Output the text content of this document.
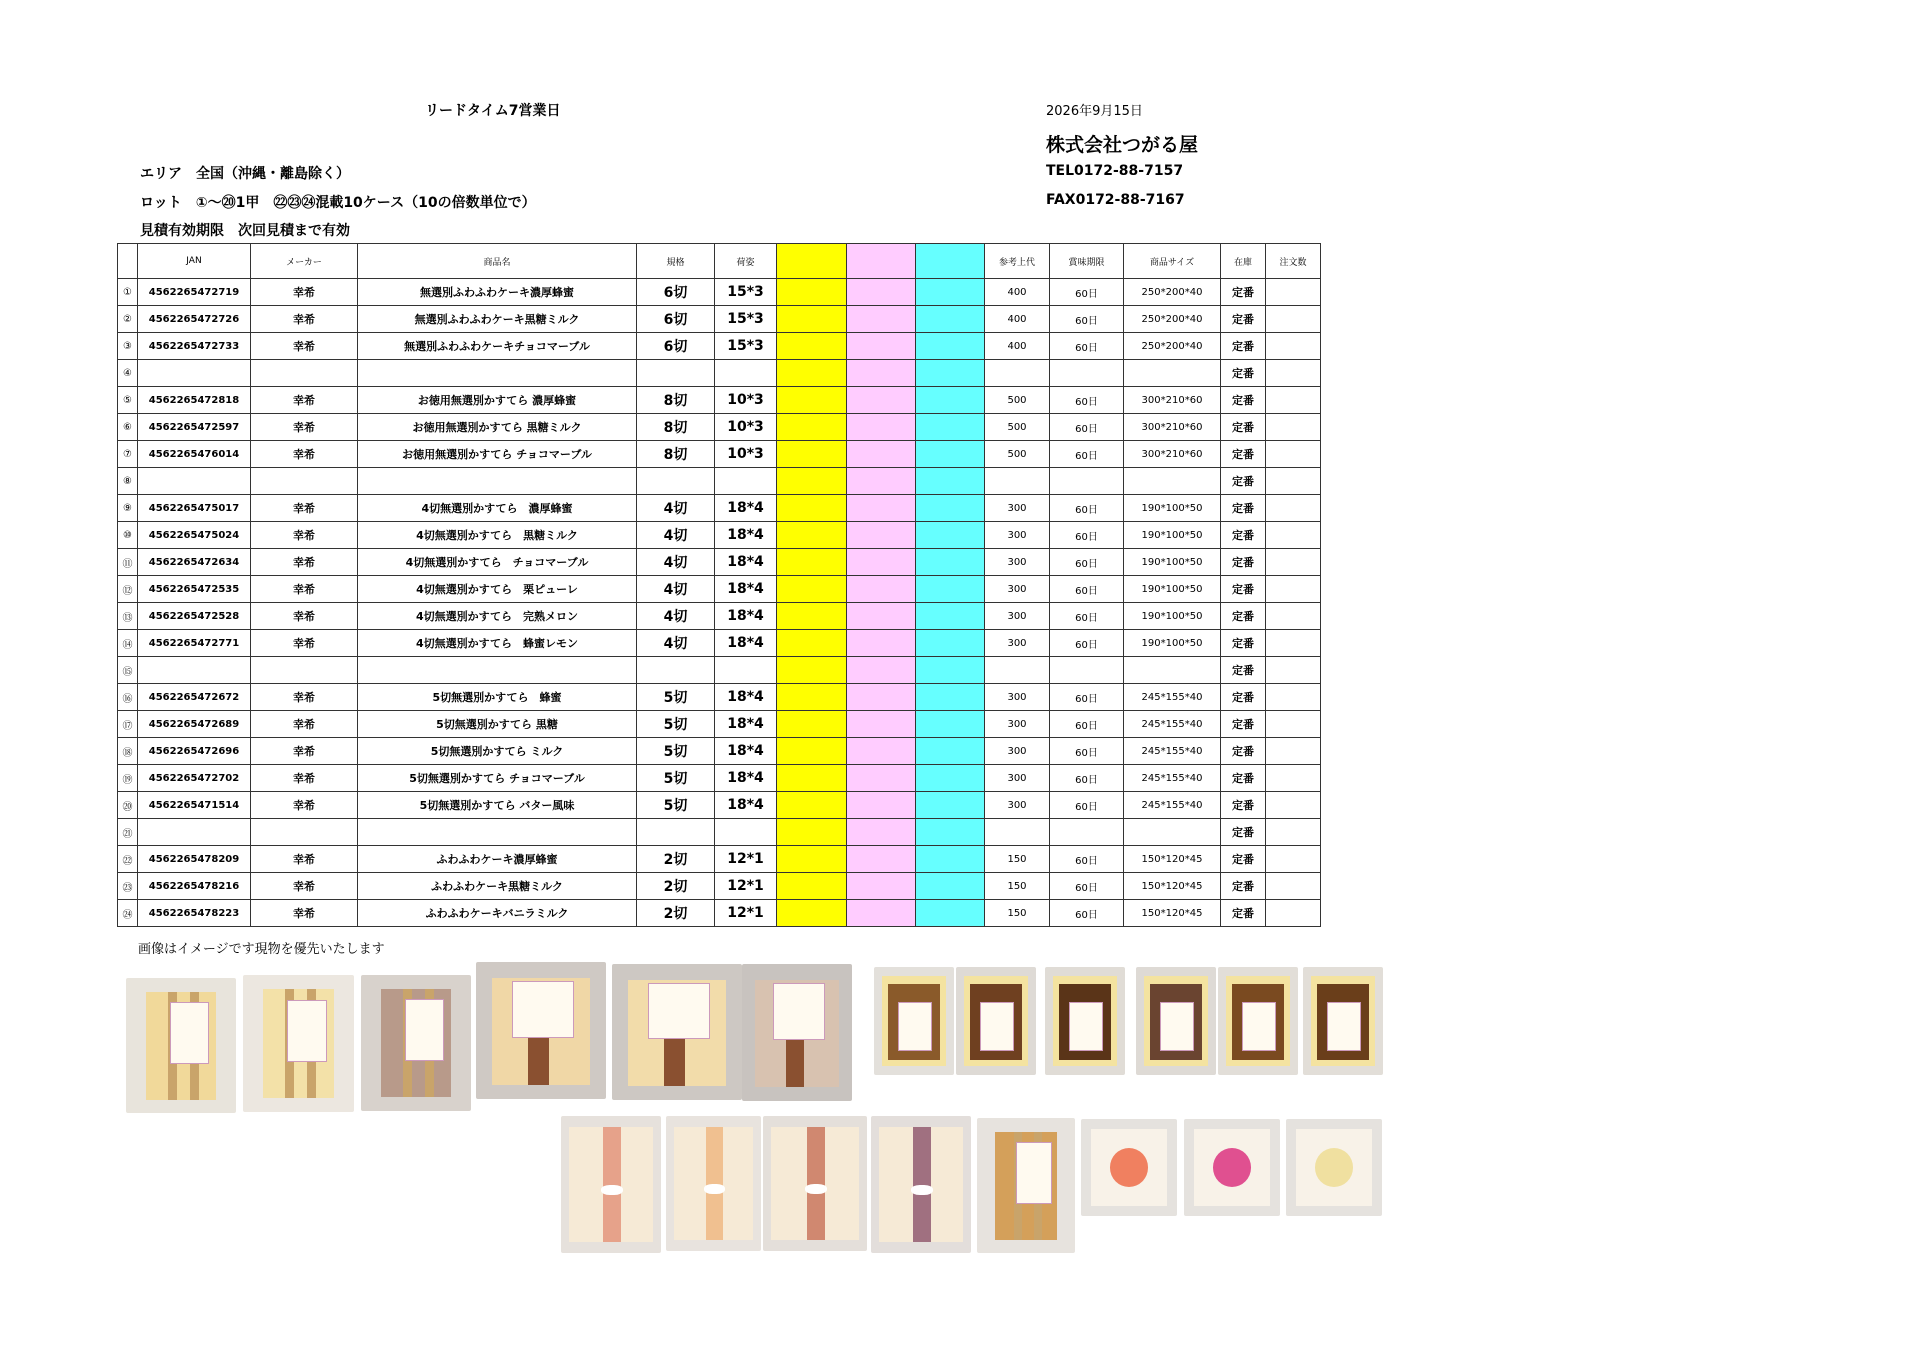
リードタイム7営業日	2026年9月15日
株式会社つがる屋
エリア　全国（沖縄・離島除く）	TEL0172-88-7157
ロット　①～⑳1甲　㉒㉓㉔混載10ケース（10の倍数単位で）	FAX0172-88-7167
見積有効期限　次回見積まで有効
	JAN	メーカー	商品名	規格	荷姿				参考上代	賞味期限	商品サイズ	在庫	注文数
①	4562265472719	幸希	無選別ふわふわケーキ濃厚蜂蜜	6切	15*3				400	60日	250*200*40	定番	
②	4562265472726	幸希	無選別ふわふわケーキ黒糖ミルク	6切	15*3				400	60日	250*200*40	定番	
③	4562265472733	幸希	無選別ふわふわケーキチョコマーブル	6切	15*3				400	60日	250*200*40	定番	
④												定番	
⑤	4562265472818	幸希	お徳用無選別かすてら 濃厚蜂蜜	8切	10*3				500	60日	300*210*60	定番	
⑥	4562265472597	幸希	お徳用無選別かすてら 黒糖ミルク	8切	10*3				500	60日	300*210*60	定番	
⑦	4562265476014	幸希	お徳用無選別かすてら チョコマーブル	8切	10*3				500	60日	300*210*60	定番	
⑧												定番	
⑨	4562265475017	幸希	4切無選別かすてら　濃厚蜂蜜	4切	18*4				300	60日	190*100*50	定番	
⑩	4562265475024	幸希	4切無選別かすてら　黒糖ミルク	4切	18*4				300	60日	190*100*50	定番	
⑪	4562265472634	幸希	4切無選別かすてら　チョコマーブル	4切	18*4				300	60日	190*100*50	定番	
⑫	4562265472535	幸希	4切無選別かすてら　栗ピューレ	4切	18*4				300	60日	190*100*50	定番	
⑬	4562265472528	幸希	4切無選別かすてら　完熟メロン	4切	18*4				300	60日	190*100*50	定番	
⑭	4562265472771	幸希	4切無選別かすてら　蜂蜜レモン	4切	18*4				300	60日	190*100*50	定番	
⑮												定番	
⑯	4562265472672	幸希	5切無選別かすてら　蜂蜜	5切	18*4				300	60日	245*155*40	定番	
⑰	4562265472689	幸希	5切無選別かすてら 黒糖	5切	18*4				300	60日	245*155*40	定番	
⑱	4562265472696	幸希	5切無選別かすてら ミルク	5切	18*4				300	60日	245*155*40	定番	
⑲	4562265472702	幸希	5切無選別かすてら チョコマーブル	5切	18*4				300	60日	245*155*40	定番	
⑳	4562265471514	幸希	5切無選別かすてら バター風味	5切	18*4				300	60日	245*155*40	定番	
㉑												定番	
㉒	4562265478209	幸希	ふわふわケーキ濃厚蜂蜜	2切	12*1				150	60日	150*120*45	定番	
㉓	4562265478216	幸希	ふわふわケーキ黒糖ミルク	2切	12*1				150	60日	150*120*45	定番	
㉔	4562265478223	幸希	ふわふわケーキバニラミルク	2切	12*1				150	60日	150*120*45	定番	
画像はイメージです現物を優先いたします
